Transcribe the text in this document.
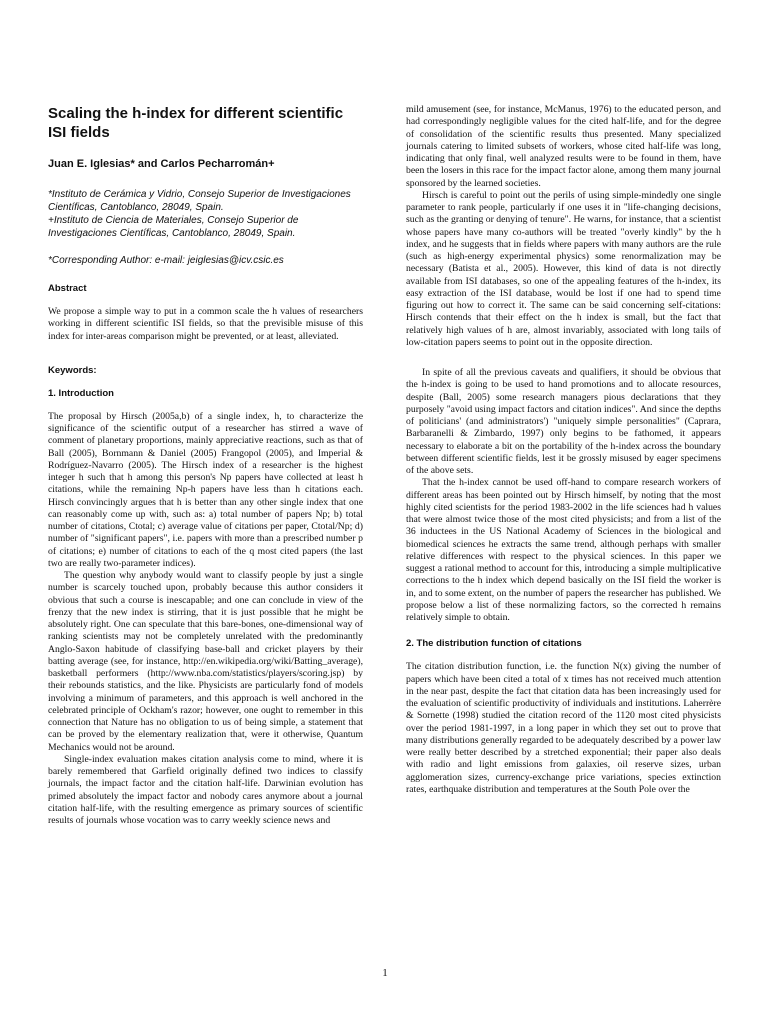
Scaling the h-index for different scientific ISI fields
Juan E. Iglesias* and Carlos Pecharromán+

*Instituto de Cerámica y Vidrio, Consejo Superior de Investigaciones Científicas, Cantoblanco, 28049, Spain.

+Instituto de Ciencia de Materiales, Consejo Superior de Investigaciones Científicas, Cantoblanco, 28049, Spain.

*Corresponding Author: e-mail: jeiglesias@icv.csic.es

Abstract

We propose a simple way to put in a common scale the h values of researchers working in different scientific ISI fields, so that the previsible misuse of this index for inter-areas comparison might be prevented, or at least, alleviated.

Keywords:
1. Introduction

The proposal by Hirsch (2005a,b) of a single index, h, to characterize the significance of the scientific output of a researcher has stirred a wave of comment of planetary proportions, mainly appreciative reactions, such as that of Ball (2005), Bornmann & Daniel (2005) Frangopol (2005), and Imperial & Rodríguez-Navarro (2005). The Hirsch index of a researcher is the highest integer h such that h among this person's Np papers have collected at least h citations, while the remaining Np-h papers have less than h citations each. Hirsch convincingly argues that h is better than any other single index that one can reasonably come up with, such as: a) total number of papers Np; b) total number of citations, Ctotal; c) average value of citations per paper, Ctotal/Np; d) number of "significant papers", i.e. papers with more than a prescribed number p of citations; e) number of citations to each of the q most cited papers (the last two are really two-parameter indices).

The question why anybody would want to classify people by just a single number is scarcely touched upon, probably because this author considers it obvious that such a course is inescapable; and one can conclude in view of the frenzy that the new index is stirring, that it is just possible that he might be absolutely right. One can speculate that this bare-bones, one-dimensional way of ranking scientists may not be completely unrelated with the predominantly Anglo-Saxon habitude of classifying base-ball and cricket players by their batting average (see, for instance, http://en.wikipedia.org/wiki/Batting_average), basketball performers (http://www.nba.com/statistics/players/scoring.jsp) by their rebounds statistics, and the like. Physicists are particularly fond of models involving a minimum of parameters, and this approach is well anchored in the celebrated principle of Ockham's razor; however, one ought to remember in this connection that Nature has no obligation to us of being simple, a statement that can be proved by the elementary realization that, were it otherwise, Quantum Mechanics would not be around.

Single-index evaluation makes citation analysis come to mind, where it is barely remembered that Garfield originally defined two indices to classify journals, the impact factor and the citation half-life. Darwinian evolution has primed absolutely the impact factor and nobody cares anymore about a journal citation half-life, with the resulting emergence as primary sources of scientific results of journals whose vocation was to carry weekly science news and

mild amusement (see, for instance, McManus, 1976) to the educated person, and had correspondingly negligible values for the cited half-life, and for the degree of consolidation of the scientific results thus presented. Many specialized journals catering to limited subsets of workers, whose cited half-life was long, indicating that only final, well analyzed results were to be found in them, have been the losers in this race for the impact factor alone, among them many journal sponsored by the learned societies.

Hirsch is careful to point out the perils of using simple-mindedly one single parameter to rank people, particularly if one uses it in "life-changing decisions, such as the granting or denying of tenure". He warns, for instance, that a scientist whose papers have many co-authors will be treated "overly kindly" by the h index, and he suggests that in fields where papers with many authors are the rule (such as high-energy experimental physics) some renormalization may be necessary (Batista et al., 2005). However, this kind of data is not directly available from ISI databases, so one of the appealing features of the h-index, its easy extraction of the ISI database, would be lost if one had to spend time figuring out how to correct it. The same can be said concerning self-citations: Hirsch contends that their effect on the h index is small, but the fact that relatively high values of h are, almost invariably, associated with long tails of low-citation papers seems to point out in the opposite direction.

In spite of all the previous caveats and qualifiers, it should be obvious that the h-index is going to be used to hand promotions and to allocate resources, despite (Ball, 2005) some research managers pious declarations that they purposely "avoid using impact factors and citation indices". And since the depths of politicians' (and administrators') "uniquely simple personalities" (Caprara, Barbaranelli & Zimbardo, 1997) only begins to be fathomed, it appears necessary to elaborate a bit on the portability of the h-index across the boundary between different scientific fields, lest it be grossly misused by eager specimens of the above sets.

That the h-index cannot be used off-hand to compare research workers of different areas has been pointed out by Hirsch himself, by noting that the most highly cited scientists for the period 1983-2002 in the life sciences had h values that were almost twice those of the most cited physicists; and from a list of the 36 inductees in the US National Academy of Sciences in the biological and biomedical sciences he extracts the same trend, although perhaps with smaller relative differences with respect to the physical sciences. In this paper we suggest a rational method to account for this, introducing a simple multiplicative corrections to the h index which depend basically on the ISI field the worker is in, and to some extent, on the number of papers the researcher has published. We propose below a list of these normalizing factors, so the corrected h remains relatively simple to obtain.

2. The distribution function of citations

The citation distribution function, i.e. the function N(x) giving the number of papers which have been cited a total of x times has not received much attention in the near past, despite the fact that citation data has been increasingly used for the evaluation of scientific productivity of individuals and institutions. Laherrère & Sornette (1998) studied the citation record of the 1120 most cited physicists over the period 1981-1997, in a long paper in which they set out to prove that many distributions generally regarded to be adequately described by a power law were really better described by a stretched exponential; their paper also deals with radio and light emissions from galaxies, oil reserve sizes, urban agglomeration sizes, currency-exchange price variations, species extinction rates, earthquake distribution and temperatures at the South Pole over the

1
